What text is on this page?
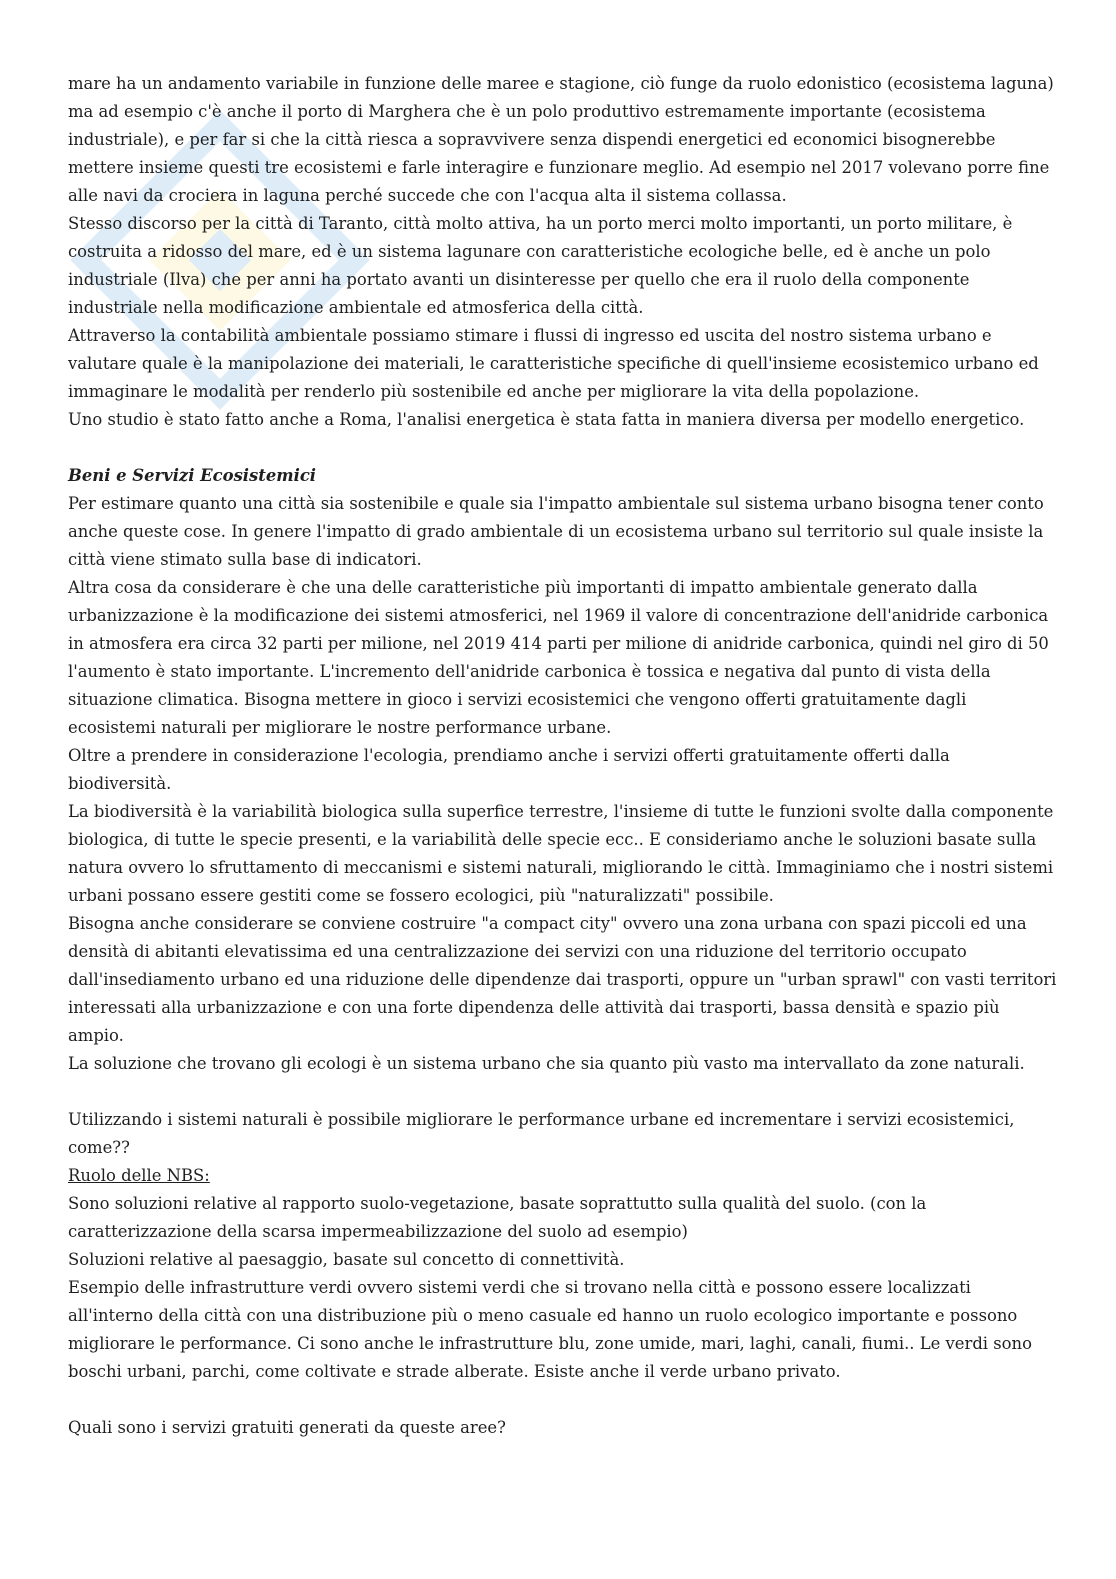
mare ha un andamento variabile in funzione delle maree e stagione, ciò funge da ruolo edonistico (ecosistema laguna) ma ad esempio c'è anche il porto di Marghera che è un polo produttivo estremamente importante (ecosistema industriale), e per far si che la città riesca a sopravvivere senza dispendi energetici ed economici bisognerebbe mettere insieme questi tre ecosistemi e farle interagire e funzionare meglio. Ad esempio nel 2017 volevano porre fine alle navi da crociera in laguna perché succede che con l'acqua alta il sistema collassa.

Stesso discorso per la città di Taranto, città molto attiva, ha un porto merci molto importanti, un porto militare, è costruita a ridosso del mare, ed è un sistema lagunare con caratteristiche ecologiche belle, ed è anche un polo industriale (Ilva) che per anni ha portato avanti un disinteresse per quello che era il ruolo della componente industriale nella modificazione ambientale ed atmosferica della città.

Attraverso la contabilità ambientale possiamo stimare i flussi di ingresso ed uscita del nostro sistema urbano e valutare quale è la manipolazione dei materiali, le caratteristiche specifiche di quell'insieme ecosistemico urbano ed immaginare le modalità per renderlo più sostenibile ed anche per migliorare la vita della popolazione.

Uno studio è stato fatto anche a Roma, l'analisi energetica è stata fatta in maniera diversa per modello energetico.

Beni e Servizi Ecosistemici

Per estimare quanto una città sia sostenibile e quale sia l'impatto ambientale sul sistema urbano bisogna tener conto anche queste cose. In genere l'impatto di grado ambientale di un ecosistema urbano sul territorio sul quale insiste la città viene stimato sulla base di indicatori.

Altra cosa da considerare è che una delle caratteristiche più importanti di impatto ambientale generato dalla urbanizzazione è la modificazione dei sistemi atmosferici, nel 1969 il valore di concentrazione dell'anidride carbonica in atmosfera era circa 32 parti per milione, nel 2019 414 parti per milione di anidride carbonica, quindi nel giro di 50 l'aumento è stato importante. L'incremento dell'anidride carbonica è tossica e negativa dal punto di vista della situazione climatica. Bisogna mettere in gioco i servizi ecosistemici che vengono offerti gratuitamente dagli ecosistemi naturali per migliorare le nostre performance urbane.

Oltre a prendere in considerazione l'ecologia, prendiamo anche i servizi offerti gratuitamente offerti dalla biodiversità.

La biodiversità è la variabilità biologica sulla superfice terrestre, l'insieme di tutte le funzioni svolte dalla componente biologica, di tutte le specie presenti, e la variabilità delle specie ecc.. E consideriamo anche le soluzioni basate sulla natura ovvero lo sfruttamento di meccanismi e sistemi naturali, migliorando le città. Immaginiamo che i nostri sistemi urbani possano essere gestiti come se fossero ecologici, più "naturalizzati" possibile.

Bisogna anche considerare se conviene costruire "a compact city" ovvero una zona urbana con spazi piccoli ed una densità di abitanti elevatissima ed una centralizzazione dei servizi con una riduzione del territorio occupato dall'insediamento urbano ed una riduzione delle dipendenze dai trasporti, oppure un "urban sprawl" con vasti territori interessati alla urbanizzazione e con una forte dipendenza delle attività dai trasporti, bassa densità e spazio più ampio.

La soluzione che trovano gli ecologi è un sistema urbano che sia quanto più vasto ma intervallato da zone naturali.

Utilizzando i sistemi naturali è possibile migliorare le performance urbane ed incrementare i servizi ecosistemici, come??

Ruolo delle NBS:

Sono soluzioni relative al rapporto suolo-vegetazione, basate soprattutto sulla qualità del suolo. (con la caratterizzazione della scarsa impermeabilizzazione del suolo ad esempio)

Soluzioni relative al paesaggio, basate sul concetto di connettività.

Esempio delle infrastrutture verdi ovvero sistemi verdi che si trovano nella città e possono essere localizzati all'interno della città con una distribuzione più o meno casuale ed hanno un ruolo ecologico importante e possono migliorare le performance. Ci sono anche le infrastrutture blu, zone umide, mari, laghi, canali, fiumi.. Le verdi sono boschi urbani, parchi, come coltivate e strade alberate. Esiste anche il verde urbano privato.

Quali sono i servizi gratuiti generati da queste aree?
